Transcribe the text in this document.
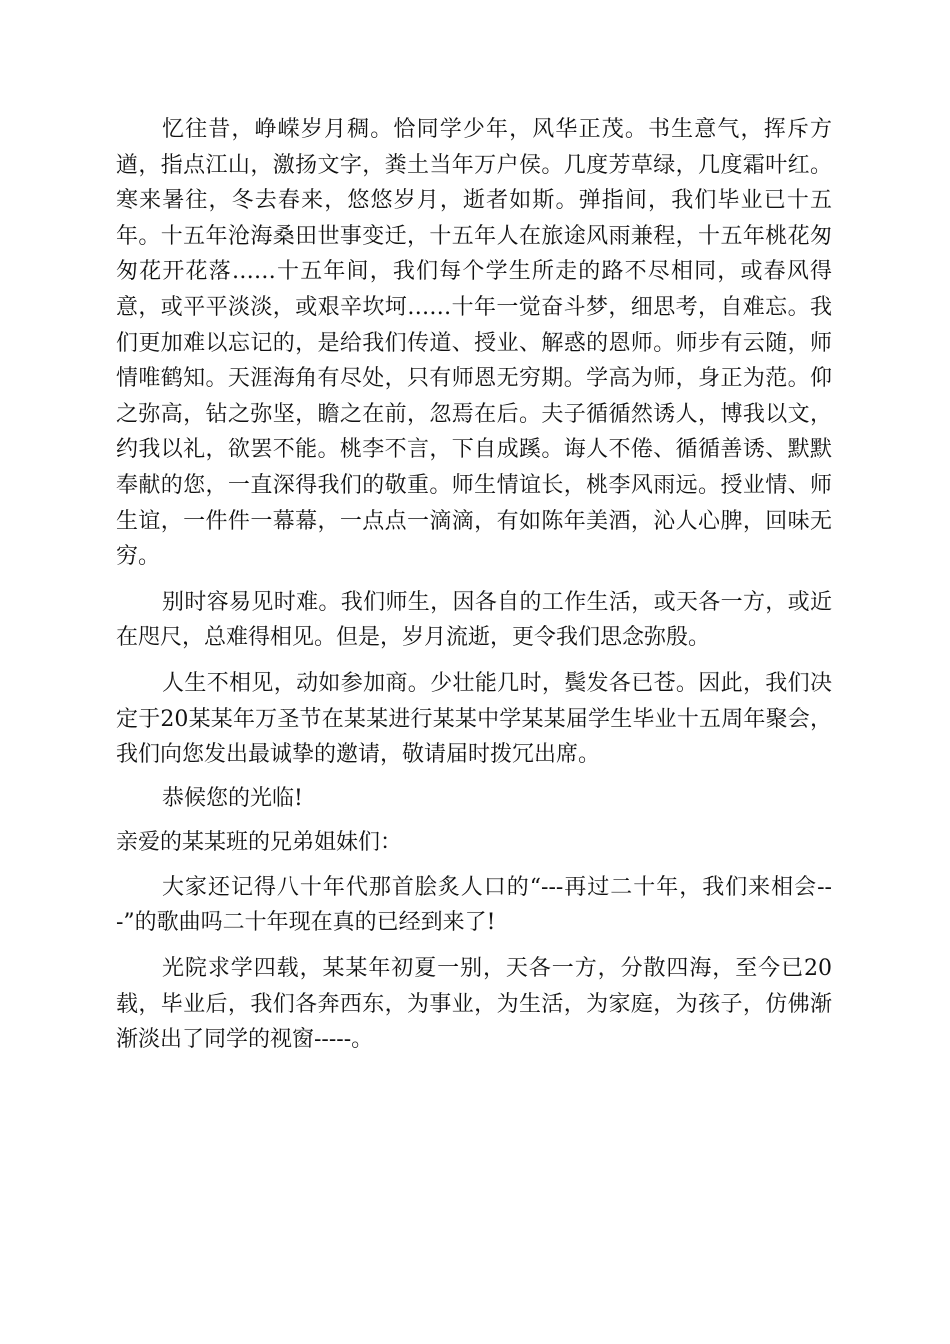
忆往昔，峥嵘岁月稠。恰同学少年，风华正茂。书生意气，挥斥方遒，指点江山，激扬文字，粪土当年万户侯。几度芳草绿，几度霜叶红。寒来暑往，冬去春来，悠悠岁月，逝者如斯。弹指间，我们毕业已十五年。十五年沧海桑田世事变迁，十五年人在旅途风雨兼程，十五年桃花匆匆花开花落……十五年间，我们每个学生所走的路不尽相同，或春风得意，或平平淡淡，或艰辛坎坷……十年一觉奋斗梦，细思考，自难忘。我们更加难以忘记的，是给我们传道、授业、解惑的恩师。师步有云随，师情唯鹤知。天涯海角有尽处，只有师恩无穷期。学高为师，身正为范。仰之弥高，钻之弥坚，瞻之在前，忽焉在后。夫子循循然诱人，博我以文，约我以礼，欲罢不能。桃李不言，下自成蹊。诲人不倦、循循善诱、默默奉献的您，一直深得我们的敬重。师生情谊长，桃李风雨远。授业情、师生谊，一件件一幕幕，一点点一滴滴，有如陈年美酒，沁人心脾，回味无穷。

别时容易见时难。我们师生，因各自的工作生活，或天各一方，或近在咫尺，总难得相见。但是，岁月流逝，更令我们思念弥殷。

人生不相见，动如参加商。少壮能几时，鬓发各已苍。因此，我们决定于20某某年万圣节在某某进行某某中学某某届学生毕业十五周年聚会，我们向您发出最诚挚的邀请，敬请届时拨冗出席。

恭候您的光临!

亲爱的某某班的兄弟姐妹们：

大家还记得八十年代那首脍炙人口的“---再过二十年，我们来相会---”的歌曲吗二十年现在真的已经到来了!

光院求学四载，某某年初夏一别，天各一方，分散四海，至今已20载，毕业后，我们各奔西东，为事业，为生活，为家庭，为孩子，仿佛渐渐淡出了同学的视窗-----。
